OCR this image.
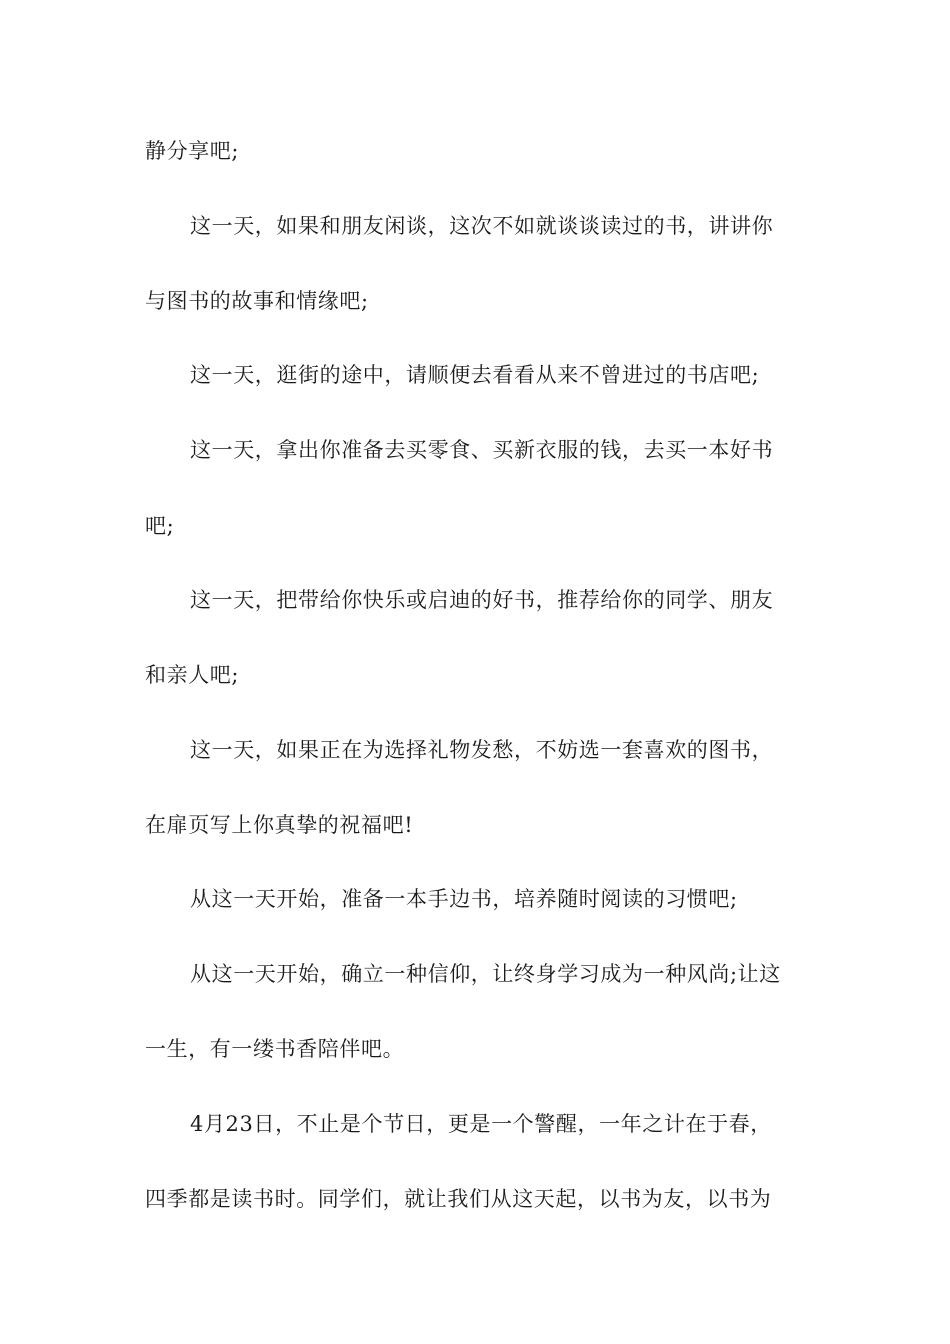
静分享吧;

这一天，如果和朋友闲谈，这次不如就谈谈读过的书，讲讲你

与图书的故事和情缘吧;

这一天，逛街的途中，请顺便去看看从来不曾进过的书店吧;

这一天，拿出你准备去买零食、买新衣服的钱，去买一本好书

吧;

这一天，把带给你快乐或启迪的好书，推荐给你的同学、朋友

和亲人吧;

这一天，如果正在为选择礼物发愁，不妨选一套喜欢的图书，

在扉页写上你真挚的祝福吧!

从这一天开始，准备一本手边书，培养随时阅读的习惯吧;

从这一天开始，确立一种信仰，让终身学习成为一种风尚;让这

一生，有一缕书香陪伴吧。

4月23日，不止是个节日，更是一个警醒，一年之计在于春，

四季都是读书时。同学们，就让我们从这天起，以书为友，以书为
